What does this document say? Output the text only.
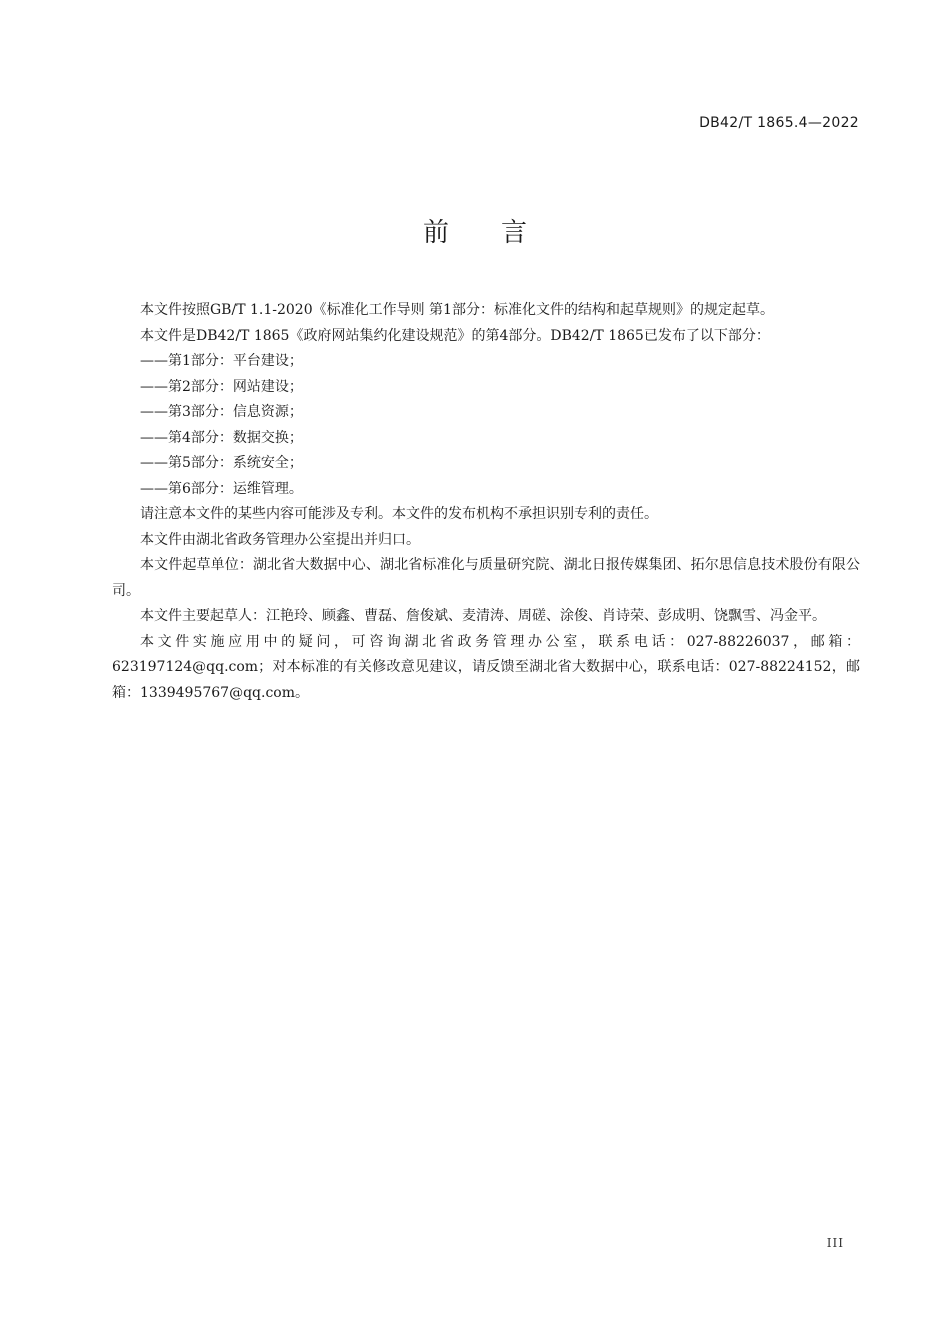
DB42/T 1865.4—2022
前 言

本文件按照GB/T 1.1-2020《标准化工作导则 第1部分：标准化文件的结构和起草规则》的规定起草。

本文件是DB42/T 1865《政府网站集约化建设规范》的第4部分。DB42/T 1865已发布了以下部分：

——第1部分：平台建设；

——第2部分：网站建设；

——第3部分：信息资源；

——第4部分：数据交换；

——第5部分：系统安全；

——第6部分：运维管理。

请注意本文件的某些内容可能涉及专利。本文件的发布机构不承担识别专利的责任。

本文件由湖北省政务管理办公室提出并归口。

本文件起草单位：湖北省大数据中心、湖北省标准化与质量研究院、湖北日报传媒集团、拓尔思信息技术股份有限公司。

本文件主要起草人：江艳玲、顾鑫、曹磊、詹俊斌、麦清涛、周磋、涂俊、肖诗荣、彭成明、饶飘雪、冯金平。

本文件实施应用中的疑问，可咨询湖北省政务管理办公室，联系电话：027-88226037，邮箱：623197124@qq.com；对本标准的有关修改意见建议，请反馈至湖北省大数据中心，联系电话：027-88224152，邮箱：1339495767@qq.com。

III
